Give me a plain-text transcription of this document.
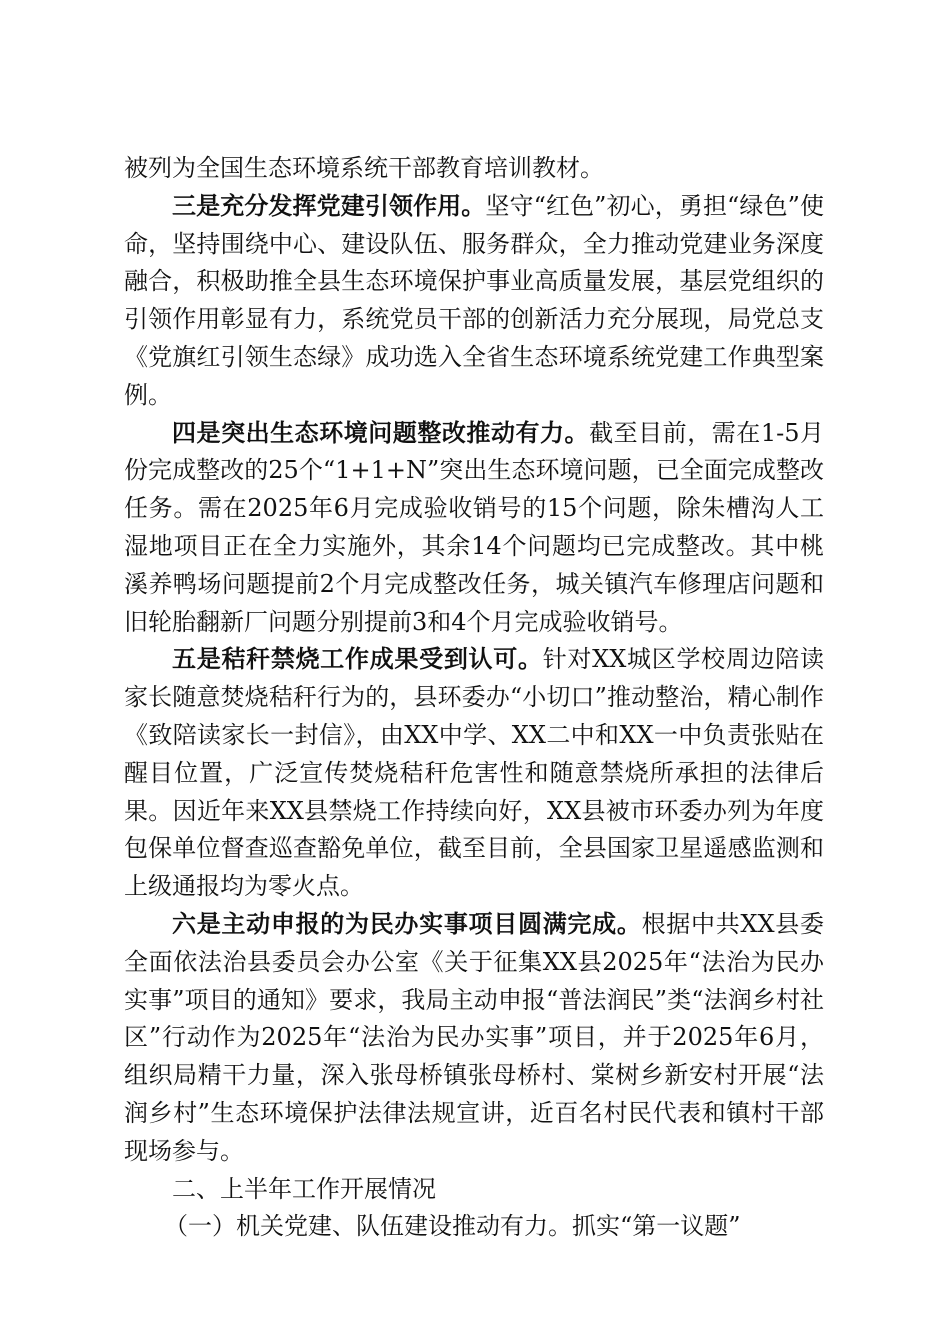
被列为全国生态环境系统干部教育培训教材。

三是充分发挥党建引领作用。坚守“红色”初心，勇担“绿色”使命，坚持围绕中心、建设队伍、服务群众，全力推动党建业务深度融合，积极助推全县生态环境保护事业高质量发展，基层党组织的引领作用彰显有力，系统党员干部的创新活力充分展现，局党总支《党旗红引领生态绿》成功选入全省生态环境系统党建工作典型案例。

四是突出生态环境问题整改推动有力。截至目前，需在1-5月份完成整改的25个“1+1+N”突出生态环境问题，已全面完成整改任务。需在2025年6月完成验收销号的15个问题，除朱槽沟人工湿地项目正在全力实施外，其余14个问题均已完成整改。其中桃溪养鸭场问题提前2个月完成整改任务，城关镇汽车修理店问题和旧轮胎翻新厂问题分别提前3和4个月完成验收销号。

五是秸秆禁烧工作成果受到认可。针对XX城区学校周边陪读家长随意焚烧秸秆行为的，县环委办“小切口”推动整治，精心制作《致陪读家长一封信》，由XX中学、XX二中和XX一中负责张贴在醒目位置，广泛宣传焚烧秸秆危害性和随意禁烧所承担的法律后果。因近年来XX县禁烧工作持续向好，XX县被市环委办列为年度包保单位督查巡查豁免单位，截至目前，全县国家卫星遥感监测和上级通报均为零火点。

六是主动申报的为民办实事项目圆满完成。根据中共XX县委全面依法治县委员会办公室《关于征集XX县2025年“法治为民办实事”项目的通知》要求，我局主动申报“普法润民”类“法润乡村社区”行动作为2025年“法治为民办实事”项目，并于2025年6月，组织局精干力量，深入张母桥镇张母桥村、棠树乡新安村开展“法润乡村”生态环境保护法律法规宣讲，近百名村民代表和镇村干部现场参与。

二、上半年工作开展情况

（一）机关党建、队伍建设推动有力。抓实“第一议题”
